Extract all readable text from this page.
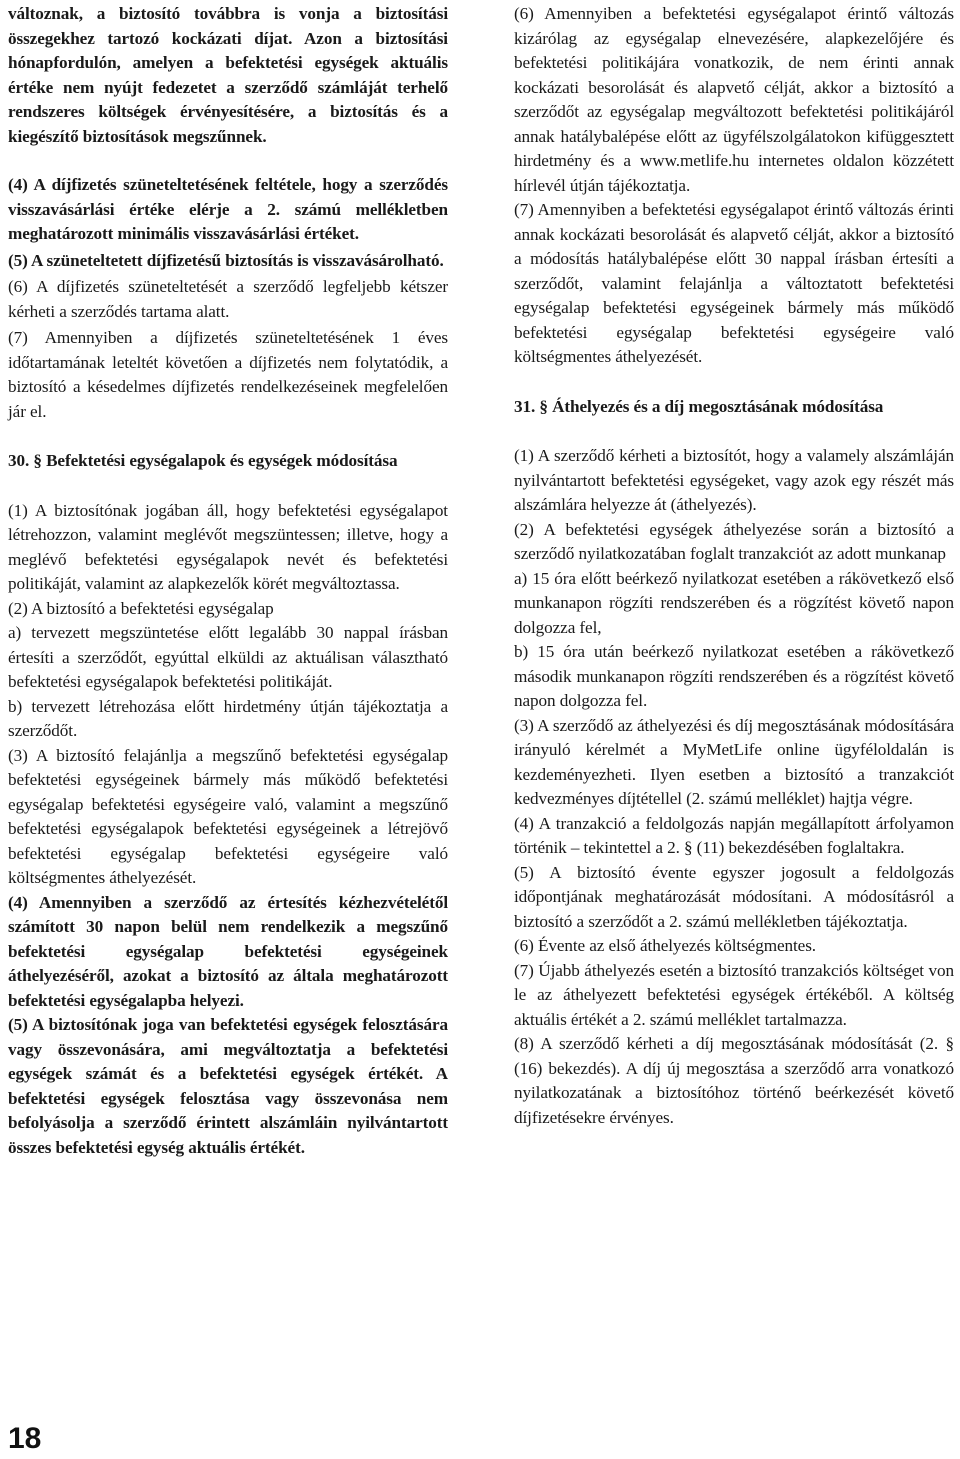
változnak, a biztosító továbbra is vonja a biztosítási összegekhez tartozó kockázati díjat. Azon a biztosítási hónapfordulón, amelyen a befektetési egységek aktuális értéke nem nyújt fedezetet a szerződő számláját terhelő rendszeres költségek érvényesítésére, a biztosítás és a kiegészítő biztosítások megszűnnek.

(4) A díjfizetés szüneteltetésének feltétele, hogy a szerződés visszavásárlási értéke elérje a 2. számú mellékletben meghatározott minimális visszavásárlási értéket.

(5) A szüneteltetett díjfizetésű biztosítás is visszavásárolható.

(6) A díjfizetés szüneteltetését a szerződő legfeljebb kétszer kérheti a szerződés tartama alatt.

(7) Amennyiben a díjfizetés szüneteltetésének 1 éves időtartamának leteltét követően a díjfizetés nem folytatódik, a biztosító a késedelmes díjfizetés rendelkezéseinek megfelelően jár el.

30. § Befektetési egységalapok és egységek módosítása

(1) A biztosítónak jogában áll, hogy befektetési egységalapot létrehozzon, valamint meglévőt megszüntessen; illetve, hogy a meglévő befektetési egységalapok nevét és befektetési politikáját, valamint az alapkezelők körét megváltoztassa.

(2) A biztosító a befektetési egységalap

a) tervezett megszüntetése előtt legalább 30 nappal írásban értesíti a szerződőt, egyúttal elküldi az aktuálisan választható befektetési egységalapok befektetési politikáját.

b) tervezett létrehozása előtt hirdetmény útján tájékoztatja a szerződőt.

(3) A biztosító felajánlja a megszűnő befektetési egységalap befektetési egységeinek bármely más működő befektetési egységalap befektetési egységeire való, valamint a megszűnő befektetési egységalapok befektetési egységeinek a létrejövő befektetési egységalap befektetési egységeire való költségmentes áthelyezését.

(4) Amennyiben a szerződő az értesítés kézhezvételétől számított 30 napon belül nem rendelkezik a megszűnő befektetési egységalap befektetési egységeinek áthelyezéséről, azokat a biztosító az általa meghatározott befektetési egységalapba helyezi.

(5) A biztosítónak joga van befektetési egységek felosztására vagy összevonására, ami megváltoztatja a befektetési egységek számát és a befektetési egységek értékét. A befektetési egységek felosztása vagy összevonása nem befolyásolja a szerződő érintett alszámláin nyilvántartott összes befektetési egység aktuális értékét.

(6) Amennyiben a befektetési egységalapot érintő változás kizárólag az egységalap elnevezésére, alapkezelőjére és befektetési politikájára vonatkozik, de nem érinti annak kockázati besorolását és alapvető célját, akkor a biztosító a szerződőt az egységalap megváltozott befektetési politikájáról annak hatálybalépése előtt az ügyfélszolgálatokon kifüggesztett hirdetmény és a www.metlife.hu internetes oldalon közzétett hírlevél útján tájékoztatja.

(7) Amennyiben a befektetési egységalapot érintő változás érinti annak kockázati besorolását és alapvető célját, akkor a biztosító a módosítás hatálybalépése előtt 30 nappal írásban értesíti a szerződőt, valamint felajánlja a változtatott befektetési egységalap befektetési egységeinek bármely más működő befektetési egységalap befektetési egységeire való költségmentes áthelyezését.

31. § Áthelyezés és a díj megosztásának módosítása

(1) A szerződő kérheti a biztosítót, hogy a valamely alszámláján nyilvántartott befektetési egységeket, vagy azok egy részét más alszámlára helyezze át (áthelyezés).

(2) A befektetési egységek áthelyezése során a biztosító a szerződő nyilatkozatában foglalt tranzakciót az adott munkanap

a) 15 óra előtt beérkező nyilatkozat esetében a rákövetkező első munkanapon rögzíti rendszerében és a rögzítést követő napon dolgozza fel,

b) 15 óra után beérkező nyilatkozat esetében a rákövetkező második munkanapon rögzíti rendszerében és a rögzítést követő napon dolgozza fel.

(3) A szerződő az áthelyezési és díj megosztásának módosítására irányuló kérelmét a MyMetLife online ügyféloldalán is kezdeményezheti. Ilyen esetben a biztosító a tranzakciót kedvezményes díjtétellel (2. számú melléklet) hajtja végre.

(4) A tranzakció a feldolgozás napján megállapított árfolyamon történik – tekintettel a 2. § (11) bekezdésében foglaltakra.

(5) A biztosító évente egyszer jogosult a feldolgozás időpontjának meghatározását módosítani. A módosításról a biztosító a szerződőt a 2. számú mellékletben tájékoztatja.

(6) Évente az első áthelyezés költségmentes.

(7) Újabb áthelyezés esetén a biztosító tranzakciós költséget von le az áthelyezett befektetési egységek értékéből. A költség aktuális értékét a 2. számú melléklet tartalmazza.

(8) A szerződő kérheti a díj megosztásának módosítását (2. § (16) bekezdés). A díj új megosztása a szerződő arra vonatkozó nyilatkozatának a biztosítóhoz történő beérkezését követő díjfizetésekre érvényes.

18
